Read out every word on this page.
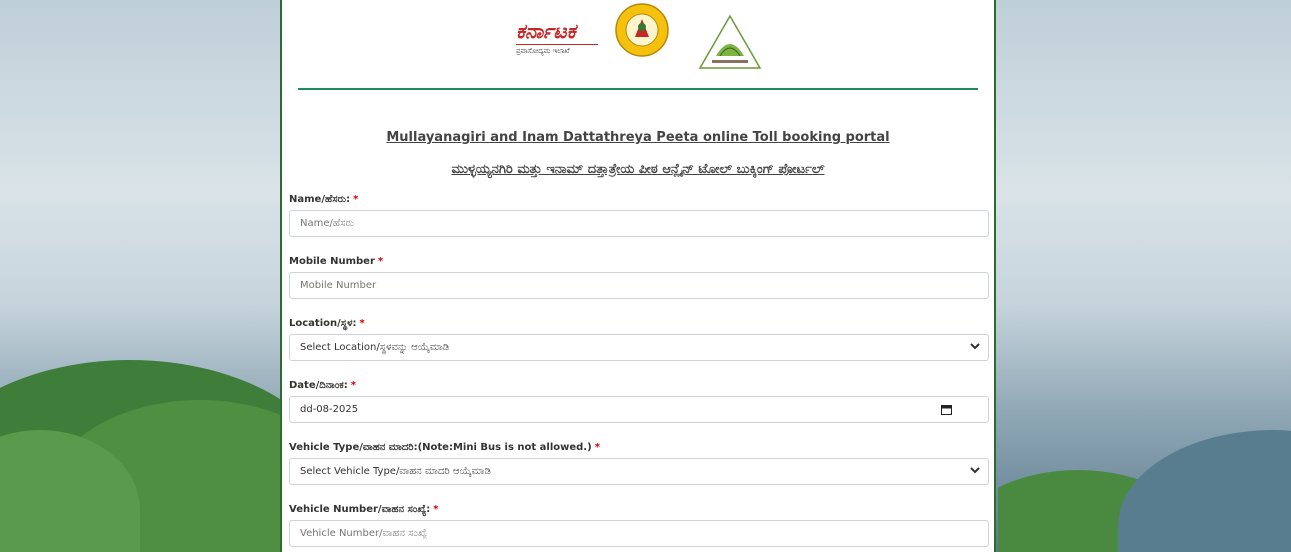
ಕರ್ನಾಟಕ
ಪ್ರವಾಸೋದ್ಯಮ ಇಲಾಖೆ
Mullayanagiri and Inam Dattathreya Peeta online Toll booking portal
ಮುಳ್ಳಯ್ಯನಗಿರಿ ಮತ್ತು ಇನಾಮ್ ದತ್ತಾತ್ರೇಯ ಪೀಠ ಆನ್ಲೈನ್ ಟೋಲ್ ಬುಕ್ಕಿಂಗ್ ಪೋರ್ಟಲ್
Name/ಹೆಸರು: *
Name/ಹೆಸರು
Mobile Number *
Mobile Number
Location/ಸ್ಥಳ: *
Select Location/ಸ್ಥಳವನ್ನು ಆಯ್ಕೆಮಾಡಿ
Date/ದಿನಾಂಕ: *
dd-08-2025
Vehicle Type/ವಾಹನ ಮಾದರಿ:(Note:Mini Bus is not allowed.) *
Select Vehicle Type/ವಾಹನ ಮಾದರಿ ಆಯ್ಕೆಮಾಡಿ
Vehicle Number/ವಾಹನ ಸಂಖ್ಯೆ: *
Vehicle Number/ವಾಹನ ಸಂಖ್ಯೆ
